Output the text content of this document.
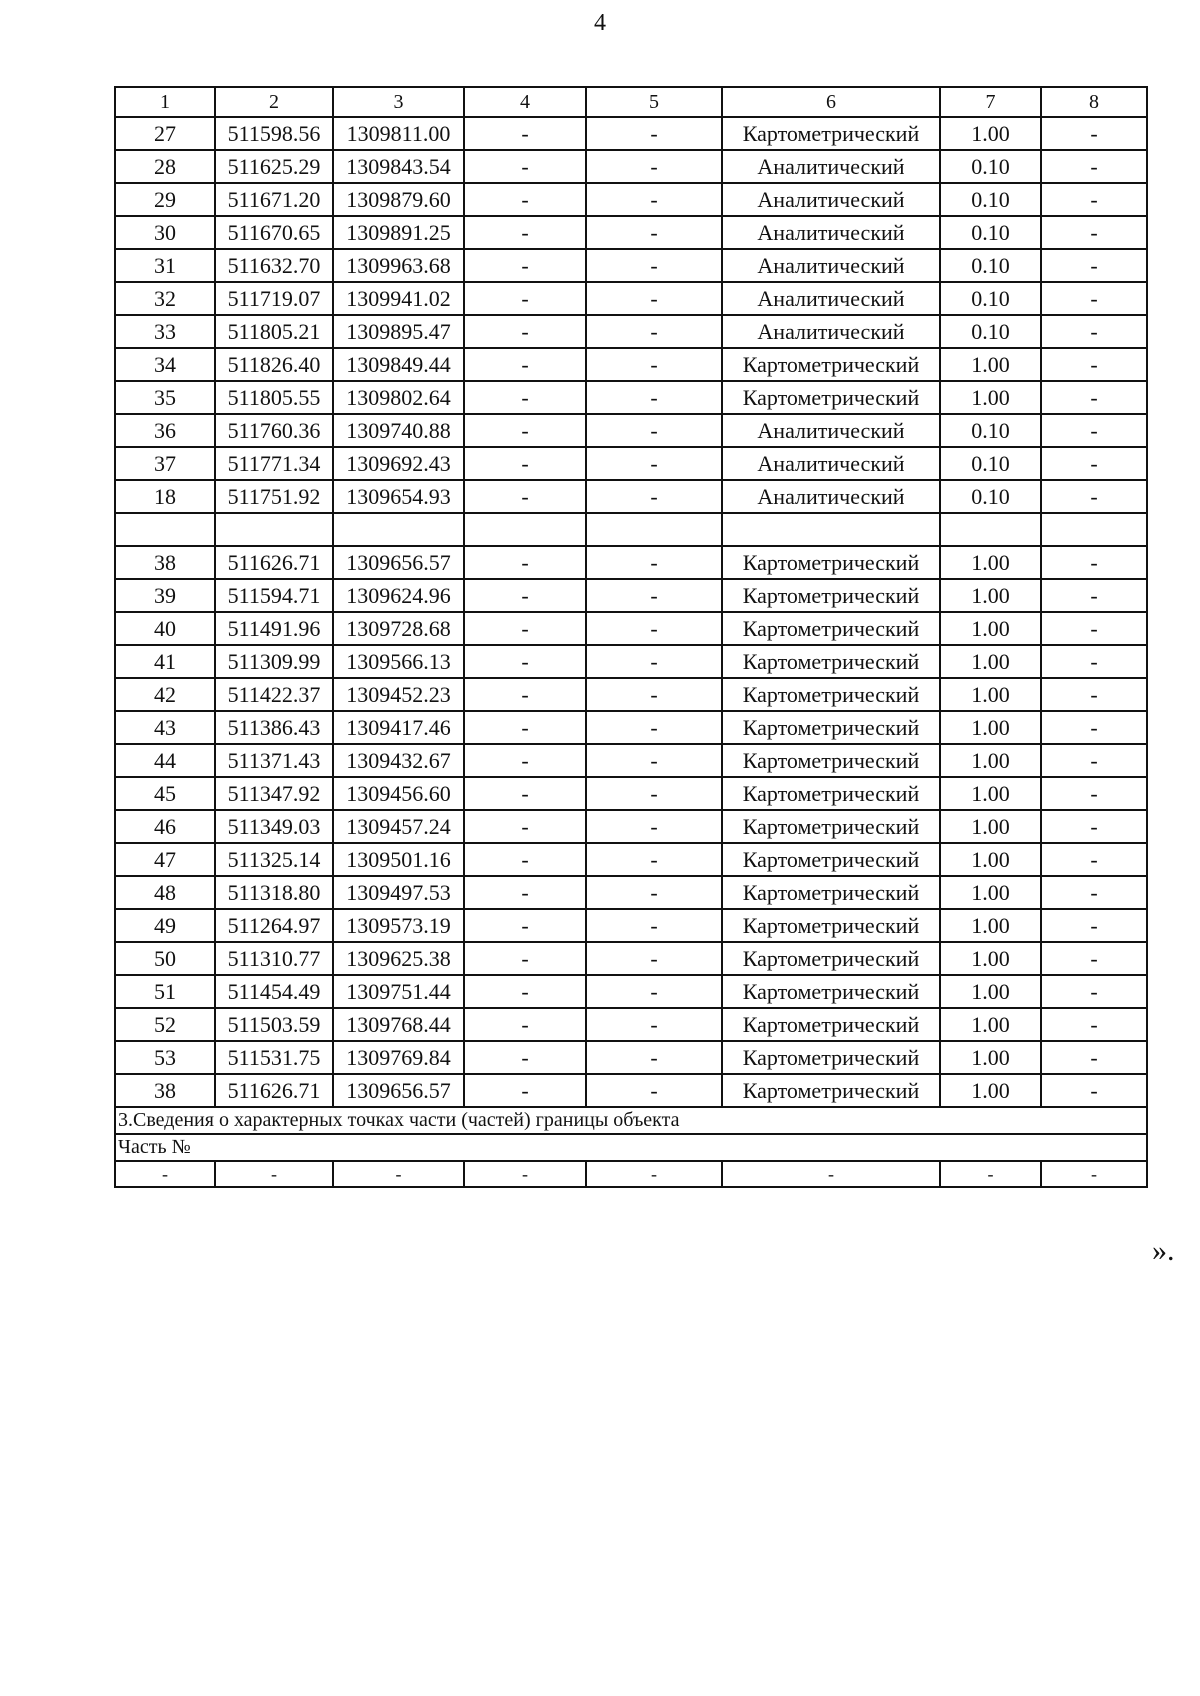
4
1	2	3	4	5	6	7	8
27	511598.56	1309811.00	-	-	Картометрический	1.00	-
28	511625.29	1309843.54	-	-	Аналитический	0.10	-
29	511671.20	1309879.60	-	-	Аналитический	0.10	-
30	511670.65	1309891.25	-	-	Аналитический	0.10	-
31	511632.70	1309963.68	-	-	Аналитический	0.10	-
32	511719.07	1309941.02	-	-	Аналитический	0.10	-
33	511805.21	1309895.47	-	-	Аналитический	0.10	-
34	511826.40	1309849.44	-	-	Картометрический	1.00	-
35	511805.55	1309802.64	-	-	Картометрический	1.00	-
36	511760.36	1309740.88	-	-	Аналитический	0.10	-
37	511771.34	1309692.43	-	-	Аналитический	0.10	-
18	511751.92	1309654.93	-	-	Аналитический	0.10	-

38	511626.71	1309656.57	-	-	Картометрический	1.00	-
39	511594.71	1309624.96	-	-	Картометрический	1.00	-
40	511491.96	1309728.68	-	-	Картометрический	1.00	-
41	511309.99	1309566.13	-	-	Картометрический	1.00	-
42	511422.37	1309452.23	-	-	Картометрический	1.00	-
43	511386.43	1309417.46	-	-	Картометрический	1.00	-
44	511371.43	1309432.67	-	-	Картометрический	1.00	-
45	511347.92	1309456.60	-	-	Картометрический	1.00	-
46	511349.03	1309457.24	-	-	Картометрический	1.00	-
47	511325.14	1309501.16	-	-	Картометрический	1.00	-
48	511318.80	1309497.53	-	-	Картометрический	1.00	-
49	511264.97	1309573.19	-	-	Картометрический	1.00	-
50	511310.77	1309625.38	-	-	Картометрический	1.00	-
51	511454.49	1309751.44	-	-	Картометрический	1.00	-
52	511503.59	1309768.44	-	-	Картометрический	1.00	-
53	511531.75	1309769.84	-	-	Картометрический	1.00	-
38	511626.71	1309656.57	-	-	Картометрический	1.00	-
3.Сведения о характерных точках части (частей) границы объекта							
Часть №							
-	-	-	-	-	-	-	-
».
